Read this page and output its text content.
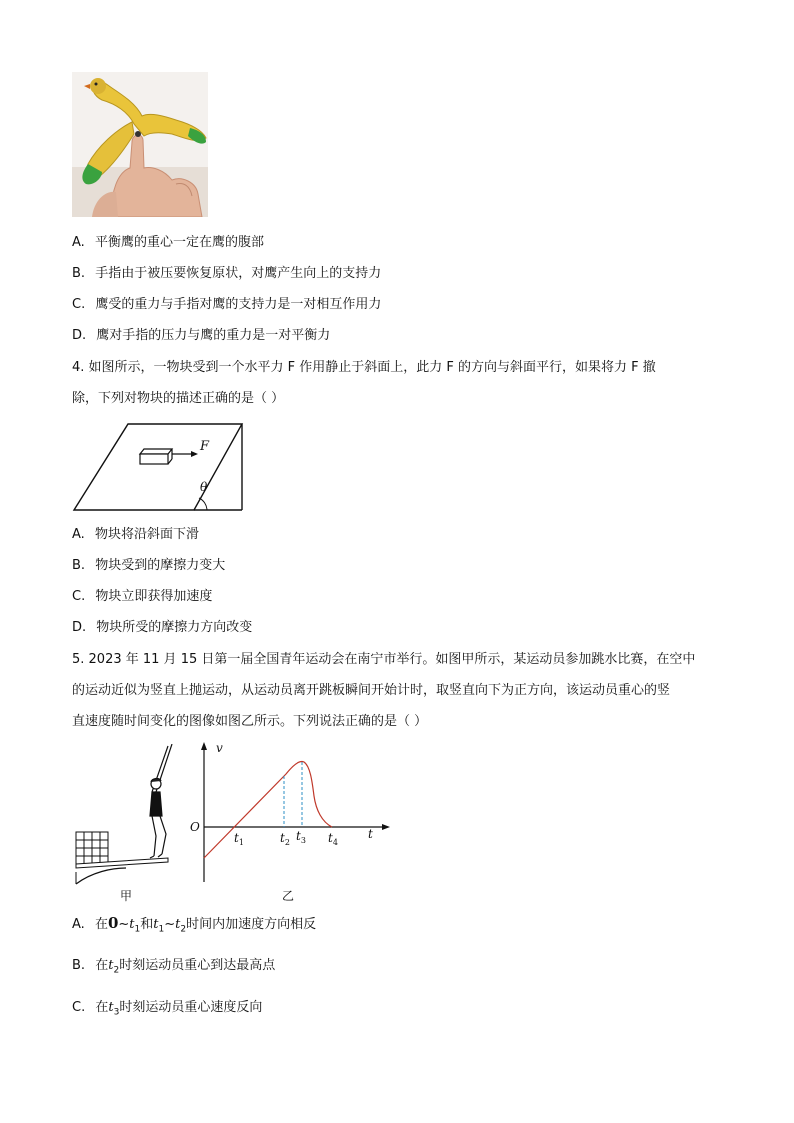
A. 平衡鹰的重心一定在鹰的腹部
B. 手指由于被压要恢复原状，对鹰产生向上的支持力
C. 鹰受的重力与手指对鹰的支持力是一对相互作用力
D. 鹰对手指的压力与鹰的重力是一对平衡力
4. 如图所示，一物块受到一个水平力 F 作用静止于斜面上，此力 F 的方向与斜面平行，如果将力 F 撤
除，下列对物块的描述正确的是（ ）
F
θ
A. 物块将沿斜面下滑
B. 物块受到的摩擦力变大
C. 物块立即获得加速度
D. 物块所受的摩擦力方向改变
5. 2023 年 11 月 15 日第一届全国青年运动会在南宁市举行。如图甲所示，某运动员参加跳水比赛，在空中
的运动近似为竖直上抛运动，从运动员离开跳板瞬间开始计时，取竖直向下为正方向，该运动员重心的竖
直速度随时间变化的图像如图乙所示。下列说法正确的是（ ）
甲
v
t
O
$t_1$	$t_2$ $t_3$ $t_4$
乙
A. 在$0\sim t_1$和$t_1\sim t_2$时间内加速度方向相反
B. 在$t_2$时刻运动员重心到达最高点
C. 在$t_3$时刻运动员重心速度反向
